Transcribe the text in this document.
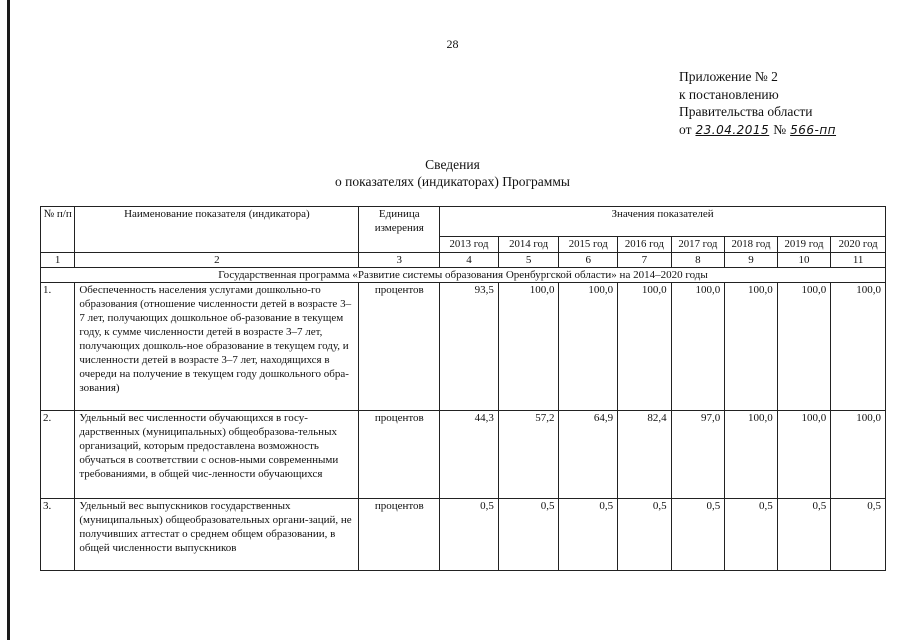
28
Приложение № 2
к постановлению
Правительства области
от 23.04.2015 № 566-пп
Сведения
о показателях (индикаторах) Программы
№ п/п	Наименование показателя (индикатора)	Единица измерения	Значения показателей							
			2013 год	2014 год	2015 год	2016 год	2017 год	2018 год	2019 год	2020 год
1	2	3	4	5	6	7	8	9	10	11
Государственная программа «Развитие системы образования Оренбургской области» на 2014–2020 годы										
1.	Обеспеченность населения услугами дошкольно-го образования (отношение численности детей в возрасте 3–7 лет, получающих дошкольное об-разование в текущем году, к сумме численности детей в возрасте 3–7 лет, получающих дошколь-ное образование в текущем году, и численности детей в возрасте 3–7 лет, находящихся в очереди на получение в текущем году дошкольного обра-зования)	процентов	93,5	100,0	100,0	100,0	100,0	100,0	100,0	100,0
2.	Удельный вес численности обучающихся в госу-дарственных (муниципальных) общеобразова-тельных организаций, которым предоставлена возможность обучаться в соответствии с основ-ными современными требованиями, в общей чис-ленности обучающихся	процентов	44,3	57,2	64,9	82,4	97,0	100,0	100,0	100,0
3.	Удельный вес выпускников государственных (муниципальных) общеобразовательных органи-заций, не получивших аттестат о среднем общем образовании, в общей численности выпускников	процентов	0,5	0,5	0,5	0,5	0,5	0,5	0,5	0,5
